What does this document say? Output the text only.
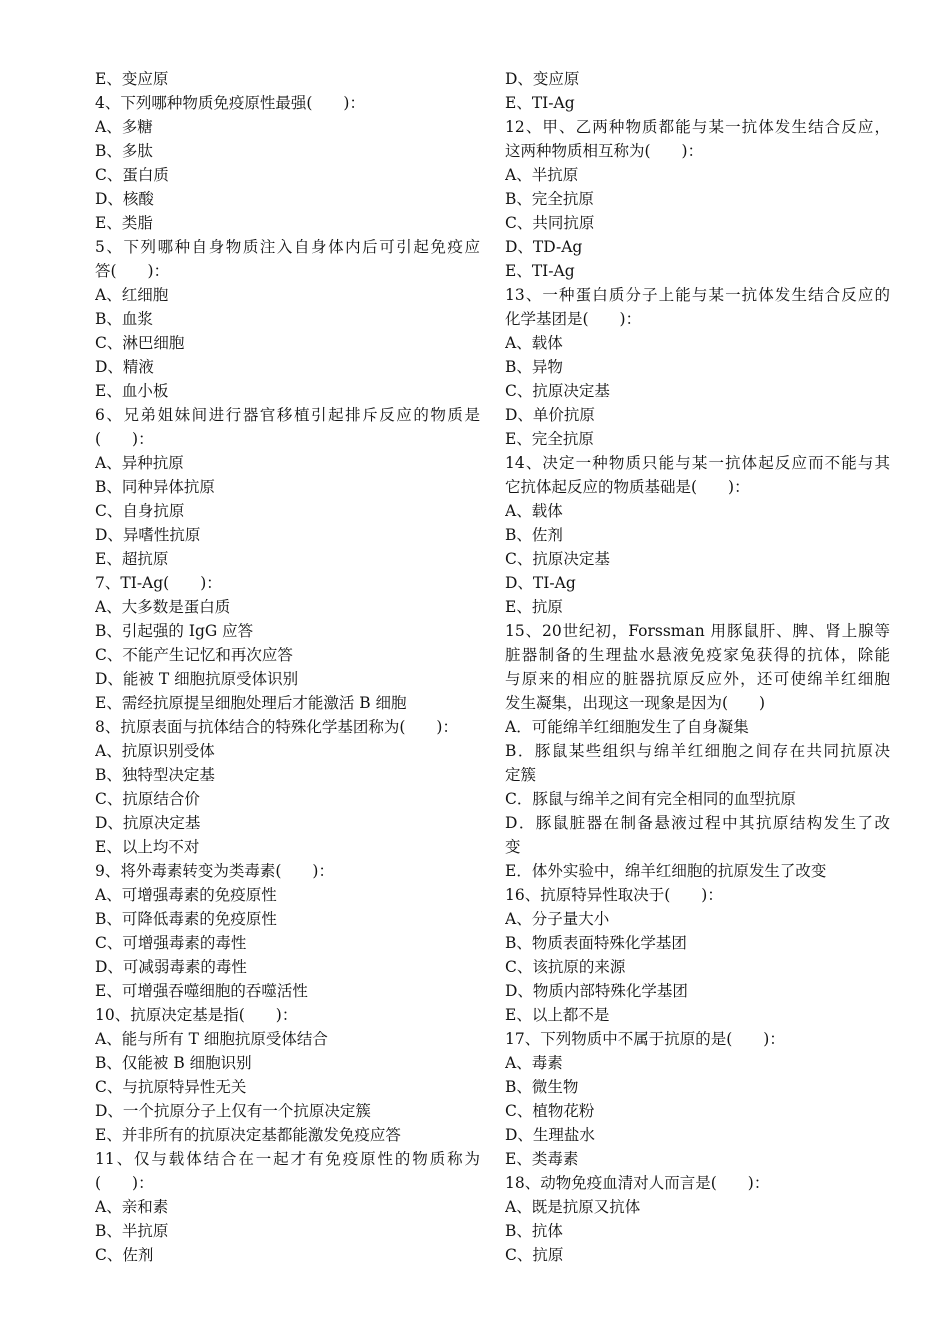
E、变应原
4、下列哪种物质免疫原性最强(　　)：
A、多糖
B、多肽
C、蛋白质
D、核酸
E、类脂
5、下列哪种自身物质注入自身体内后可引起免疫应
答(　　)：
A、红细胞
B、血浆
C、淋巴细胞
D、精液
E、血小板
6、兄弟姐妹间进行器官移植引起排斥反应的物质是
(　　)：
A、异种抗原
B、同种异体抗原
C、自身抗原
D、异嗜性抗原
E、超抗原
7、TI-Ag(　　)：
A、大多数是蛋白质
B、引起强的 IgG 应答
C、不能产生记忆和再次应答
D、能被 T 细胞抗原受体识别
E、需经抗原提呈细胞处理后才能激活 B 细胞
8、抗原表面与抗体结合的特殊化学基团称为(　　)：
A、抗原识别受体
B、独特型决定基
C、抗原结合价
D、抗原决定基
E、以上均不对
9、将外毒素转变为类毒素(　　)：
A、可增强毒素的免疫原性
B、可降低毒素的免疫原性
C、可增强毒素的毒性
D、可减弱毒素的毒性
E、可增强吞噬细胞的吞噬活性
10、抗原决定基是指(　　)：
A、能与所有 T 细胞抗原受体结合
B、仅能被 B 细胞识别
C、与抗原特异性无关
D、一个抗原分子上仅有一个抗原决定簇
E、并非所有的抗原决定基都能激发免疫应答
11、仅与载体结合在一起才有免疫原性的物质称为
(　　)：
A、亲和素
B、半抗原
C、佐剂
D、变应原
E、TI-Ag
12、甲、乙两种物质都能与某一抗体发生结合反应，
这两种物质相互称为(　　)：
A、半抗原
B、完全抗原
C、共同抗原
D、TD-Ag
E、TI-Ag
13、一种蛋白质分子上能与某一抗体发生结合反应的
化学基团是(　　)：
A、载体
B、异物
C、抗原决定基
D、单价抗原
E、完全抗原
14、决定一种物质只能与某一抗体起反应而不能与其
它抗体起反应的物质基础是(　　)：
A、载体
B、佐剂
C、抗原决定基
D、TI-Ag
E、抗原
15、20世纪初，Forssman 用豚鼠肝、脾、肾上腺等
脏器制备的生理盐水悬液免疫家兔获得的抗体，除能
与原来的相应的脏器抗原反应外，还可使绵羊红细胞
发生凝集，出现这一现象是因为(　　)
A．可能绵羊红细胞发生了自身凝集
B．豚鼠某些组织与绵羊红细胞之间存在共同抗原决
定簇
C．豚鼠与绵羊之间有完全相同的血型抗原
D．豚鼠脏器在制备悬液过程中其抗原结构发生了改
变
E．体外实验中，绵羊红细胞的抗原发生了改变
16、抗原特异性取决于(　　)：
A、分子量大小
B、物质表面特殊化学基团
C、该抗原的来源
D、物质内部特殊化学基团
E、以上都不是
17、下列物质中不属于抗原的是(　　)：
A、毒素
B、微生物
C、植物花粉
D、生理盐水
E、类毒素
18、动物免疫血清对人而言是(　　)：
A、既是抗原又抗体
B、抗体
C、抗原
